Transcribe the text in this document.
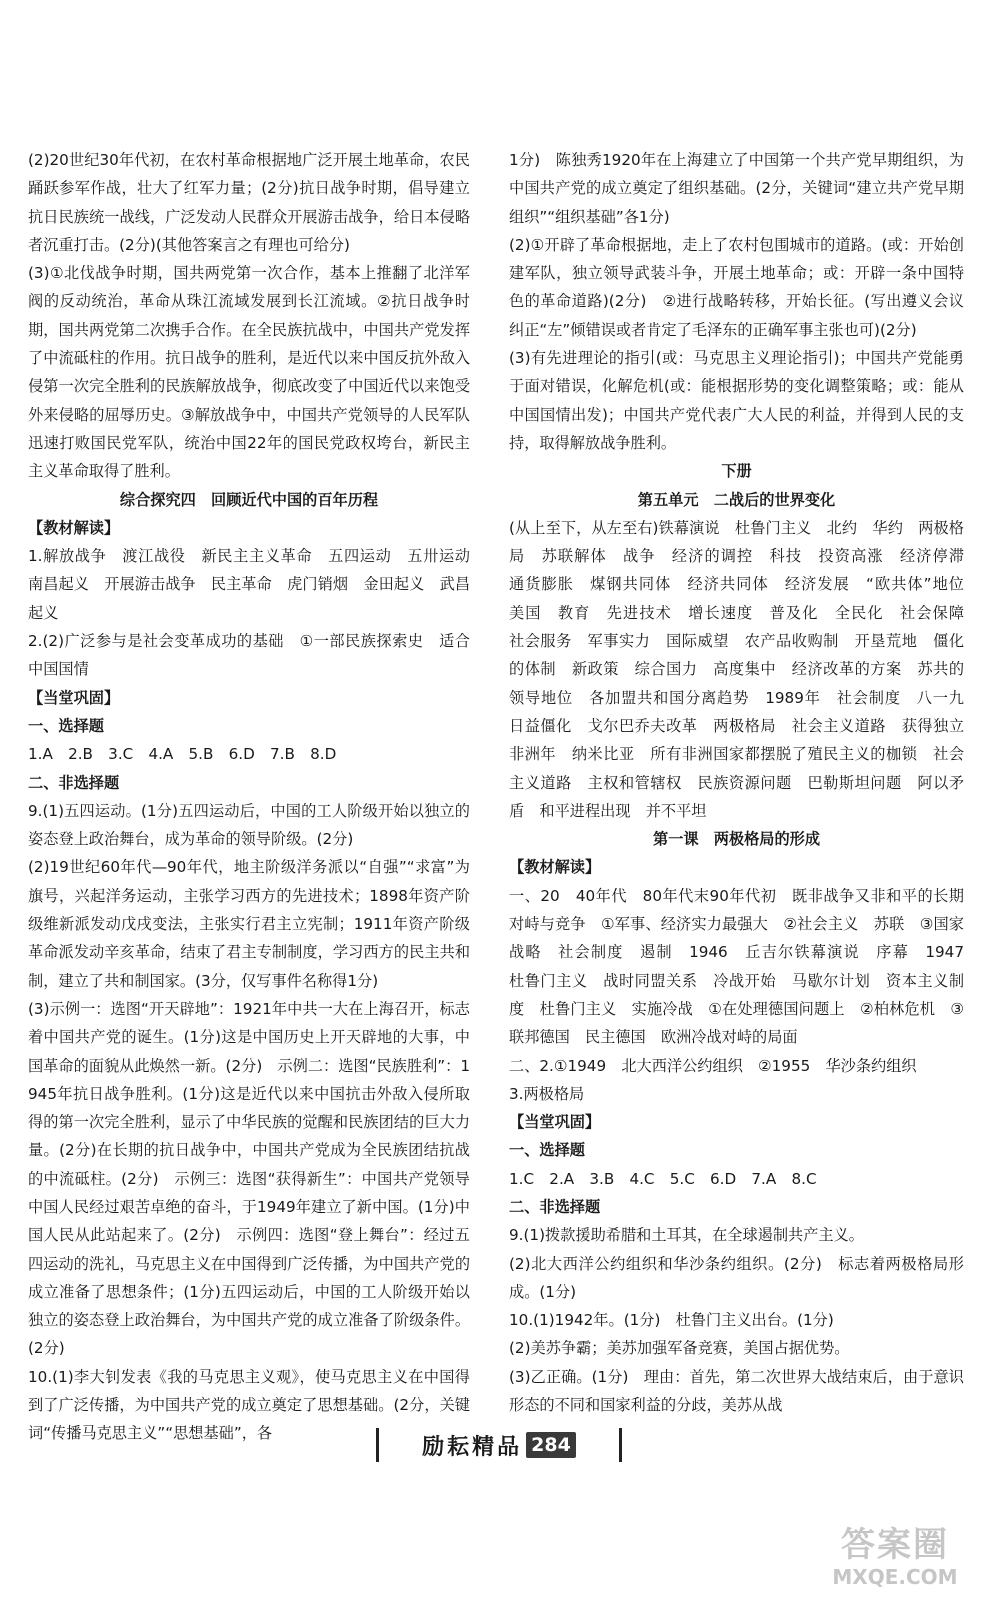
(2)20世纪30年代初，在农村革命根据地广泛开展土地革命，农民踊跃参军作战，壮大了红军力量；(2分)抗日战争时期，倡导建立抗日民族统一战线，广泛发动人民群众开展游击战争，给日本侵略者沉重打击。(2分)(其他答案言之有理也可给分)
(3)①北伐战争时期，国共两党第一次合作，基本上推翻了北洋军阀的反动统治，革命从珠江流域发展到长江流域。②抗日战争时期，国共两党第二次携手合作。在全民族抗战中，中国共产党发挥了中流砥柱的作用。抗日战争的胜利，是近代以来中国反抗外敌入侵第一次完全胜利的民族解放战争，彻底改变了中国近代以来饱受外来侵略的屈辱历史。③解放战争中，中国共产党领导的人民军队迅速打败国民党军队，统治中国22年的国民党政权垮台，新民主主义革命取得了胜利。
综合探究四　回顾近代中国的百年历程
【教材解读】
1.解放战争　渡江战役　新民主主义革命　五四运动　五卅运动　南昌起义　开展游击战争　民主革命　虎门销烟　金田起义　武昌起义
2.(2)广泛参与是社会变革成功的基础　①一部民族探索史　适合中国国情
【当堂巩固】
一、选择题
1.A　2.B　3.C　4.A　5.B　6.D　7.B　8.D
二、非选择题
9.(1)五四运动。(1分)五四运动后，中国的工人阶级开始以独立的姿态登上政治舞台，成为革命的领导阶级。(2分)
(2)19世纪60年代—90年代，地主阶级洋务派以“自强”“求富”为旗号，兴起洋务运动，主张学习西方的先进技术；1898年资产阶级维新派发动戊戌变法，主张实行君主立宪制；1911年资产阶级革命派发动辛亥革命，结束了君主专制制度，学习西方的民主共和制，建立了共和制国家。(3分，仅写事件名称得1分)
(3)示例一：选图“开天辟地”：1921年中共一大在上海召开，标志着中国共产党的诞生。(1分)这是中国历史上开天辟地的大事，中国革命的面貌从此焕然一新。(2分)　示例二：选图“民族胜利”：1945年抗日战争胜利。(1分)这是近代以来中国抗击外敌入侵所取得的第一次完全胜利，显示了中华民族的觉醒和民族团结的巨大力量。(2分)在长期的抗日战争中，中国共产党成为全民族团结抗战的中流砥柱。(2分)　示例三：选图“获得新生”：中国共产党领导中国人民经过艰苦卓绝的奋斗，于1949年建立了新中国。(1分)中国人民从此站起来了。(2分)　示例四：选图“登上舞台”：经过五四运动的洗礼，马克思主义在中国得到广泛传播，为中国共产党的成立准备了思想条件；(1分)五四运动后，中国的工人阶级开始以独立的姿态登上政治舞台，为中国共产党的成立准备了阶级条件。(2分)
10.(1)李大钊发表《我的马克思主义观》，使马克思主义在中国得到了广泛传播，为中国共产党的成立奠定了思想基础。(2分，关键词“传播马克思主义”“思想基础”，各
1分)　陈独秀1920年在上海建立了中国第一个共产党早期组织，为中国共产党的成立奠定了组织基础。(2分，关键词“建立共产党早期组织”“组织基础”各1分)
(2)①开辟了革命根据地，走上了农村包围城市的道路。(或：开始创建军队，独立领导武装斗争，开展土地革命；或：开辟一条中国特色的革命道路)(2分)　②进行战略转移，开始长征。(写出遵义会议纠正“左”倾错误或者肯定了毛泽东的正确军事主张也可)(2分)
(3)有先进理论的指引(或：马克思主义理论指引)；中国共产党能勇于面对错误，化解危机(或：能根据形势的变化调整策略；或：能从中国国情出发)；中国共产党代表广大人民的利益，并得到人民的支持，取得解放战争胜利。
下册
第五单元　二战后的世界变化
(从上至下，从左至右)铁幕演说　杜鲁门主义　北约　华约　两极格局　苏联解体　战争　经济的调控　科技　投资高涨　经济停滞　通货膨胀　煤钢共同体　经济共同体　经济发展　“欧共体”地位　美国　教育　先进技术　增长速度　普及化　全民化　社会保障　社会服务　军事实力　国际威望　农产品收购制　开垦荒地　僵化的体制　新政策　综合国力　高度集中　经济改革的方案　苏共的领导地位　各加盟共和国分离趋势　1989年　社会制度　八一九　日益僵化　戈尔巴乔夫改革　两极格局　社会主义道路　获得独立　非洲年　纳米比亚　所有非洲国家都摆脱了殖民主义的枷锁　社会主义道路　主权和管辖权　民族资源问题　巴勒斯坦问题　阿以矛盾　和平进程出现　并不平坦
第一课　两极格局的形成
【教材解读】
一、20　40年代　80年代末90年代初　既非战争又非和平的长期对峙与竞争　①军事、经济实力最强大　②社会主义　苏联　③国家战略　社会制度　遏制　1946　丘吉尔铁幕演说　序幕　1947　杜鲁门主义　战时同盟关系　冷战开始　马歇尔计划　资本主义制度　杜鲁门主义　实施冷战　①在处理德国问题上　②柏林危机　③联邦德国　民主德国　欧洲冷战对峙的局面
二、2.①1949　北大西洋公约组织　②1955　华沙条约组织
3.两极格局
【当堂巩固】
一、选择题
1.C　2.A　3.B　4.C　5.C　6.D　7.A　8.C
二、非选择题
9.(1)拨款援助希腊和土耳其，在全球遏制共产主义。
(2)北大西洋公约组织和华沙条约组织。(2分)　标志着两极格局形成。(1分)
10.(1)1942年。(1分)　杜鲁门主义出台。(1分)
(2)美苏争霸；美苏加强军备竞赛，美国占据优势。
(3)乙正确。(1分)　理由：首先，第二次世界大战结束后，由于意识形态的不同和国家利益的分歧，美苏从战
励耘精品 284
答案圈
MXQE.COM
